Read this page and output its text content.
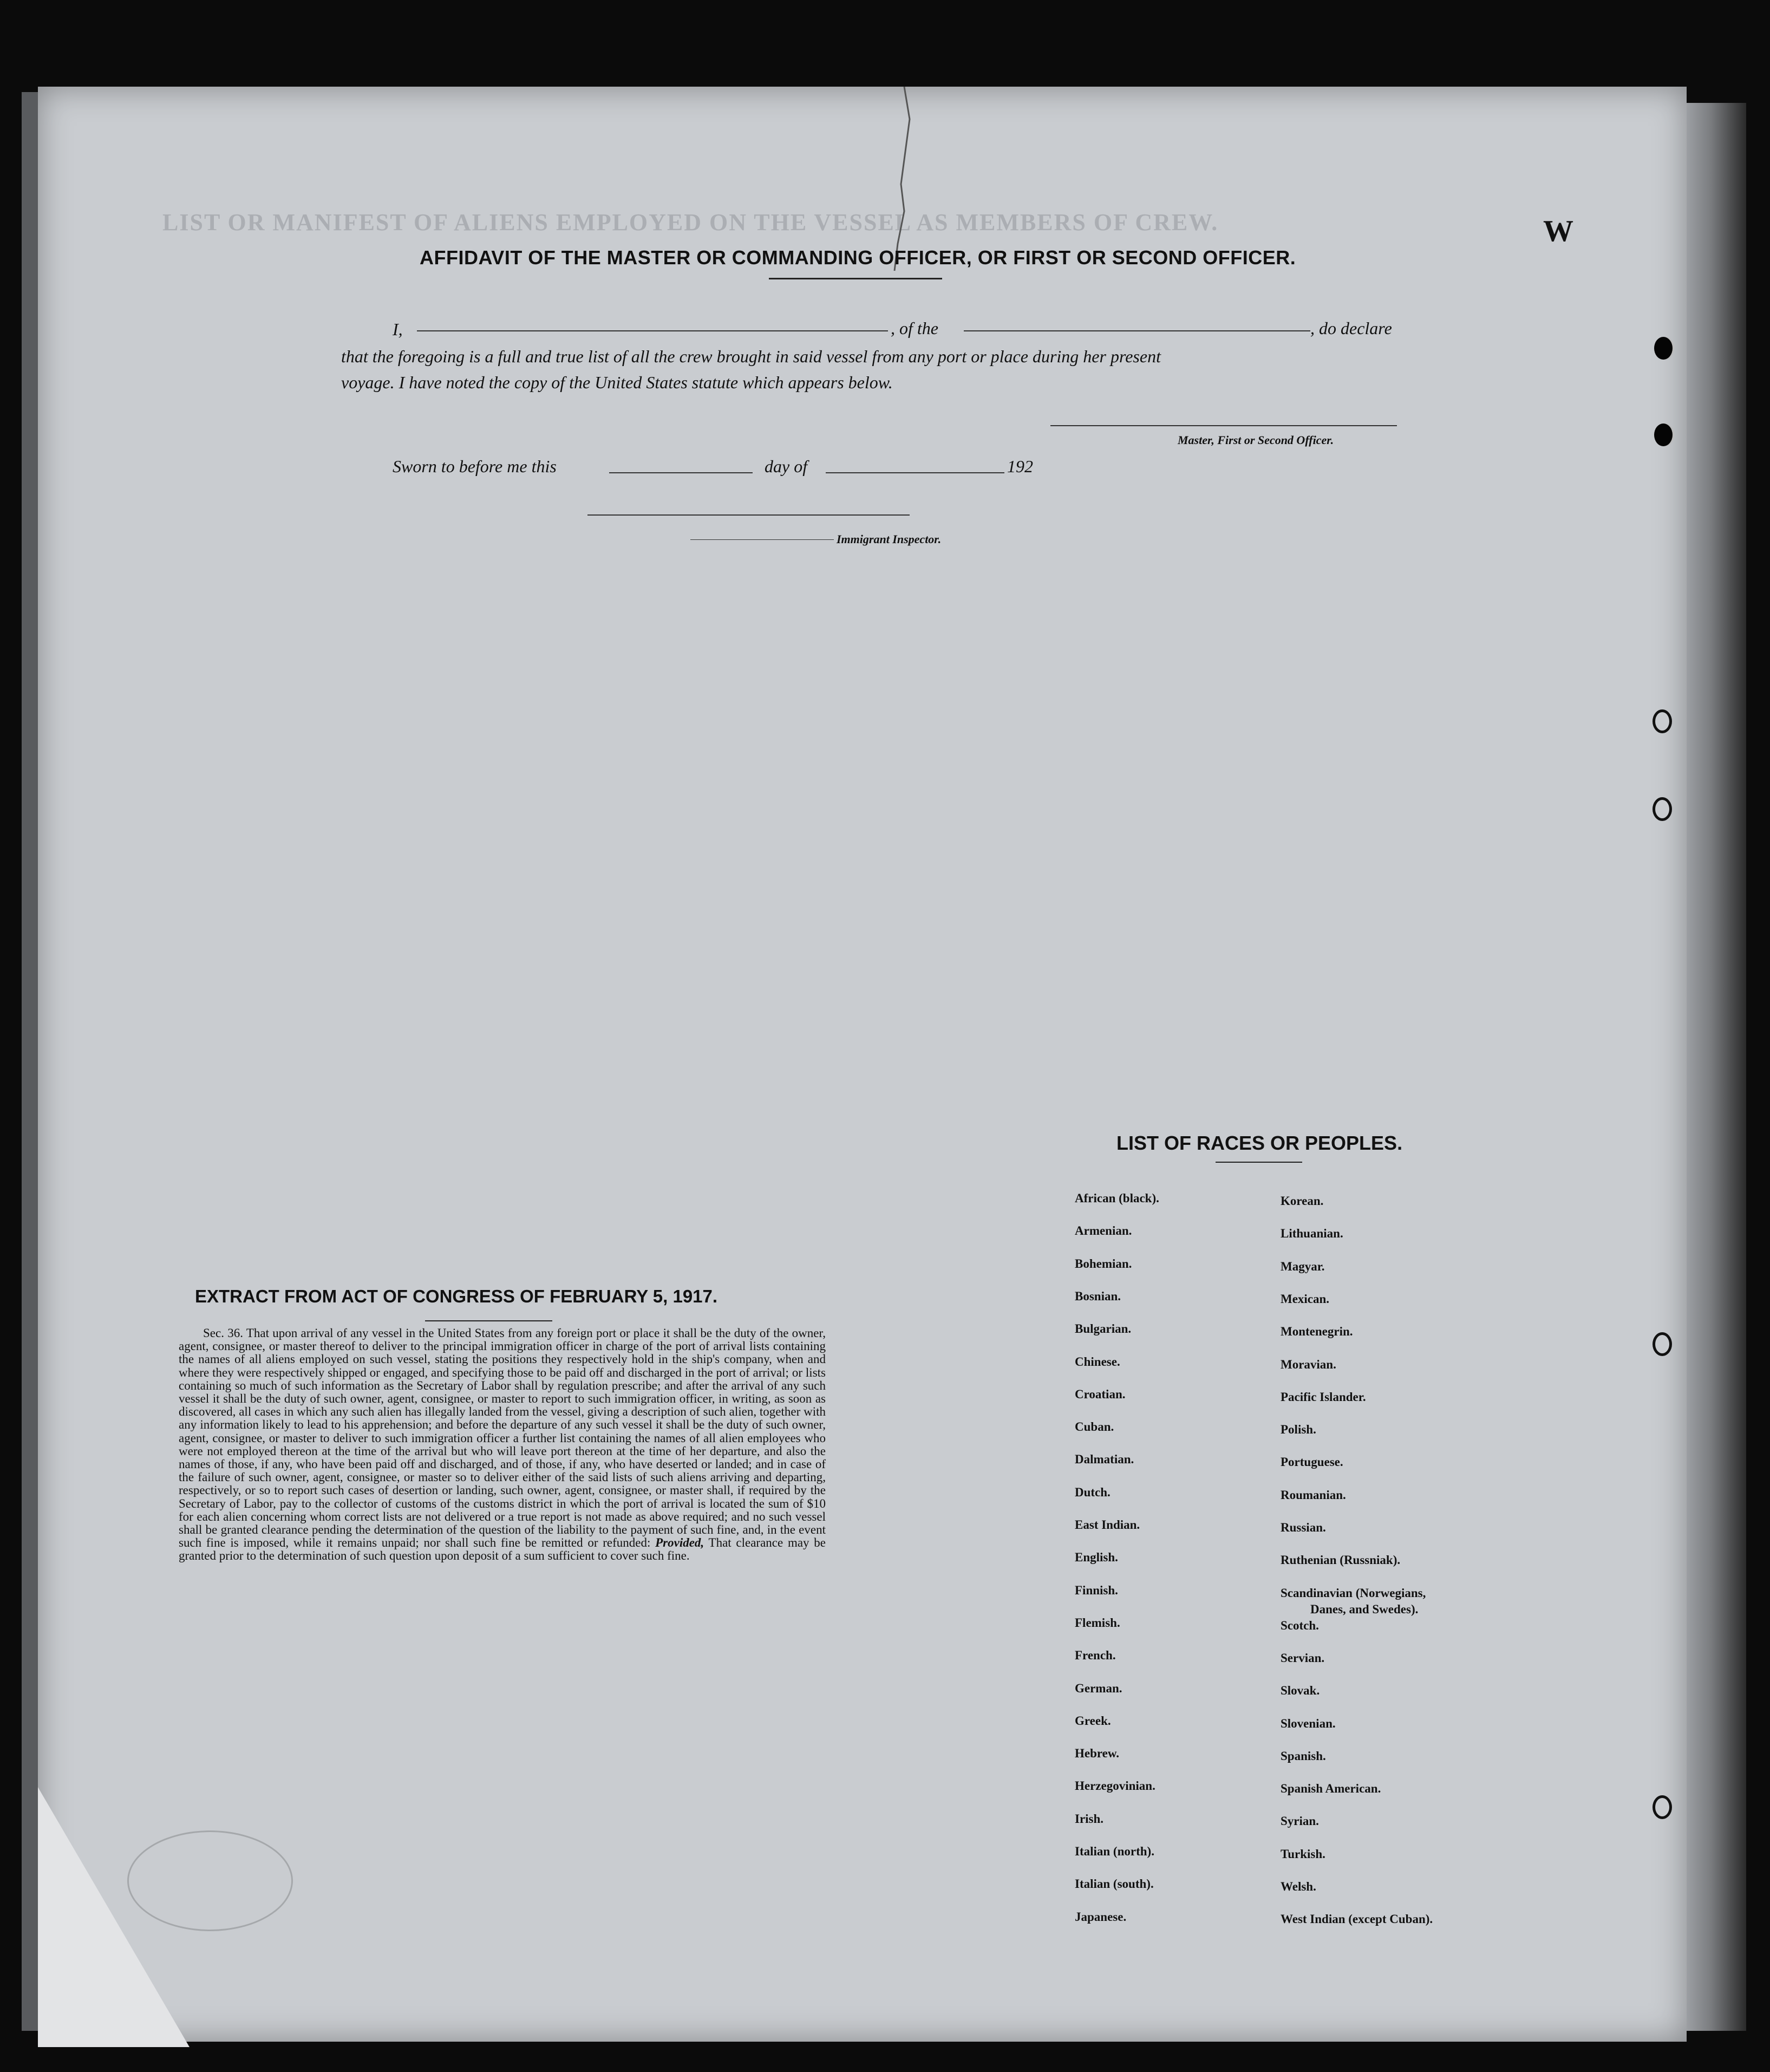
LIST OR MANIFEST OF ALIENS EMPLOYED ON THE VESSEL AS MEMBERS OF CREW.	W
AFFIDAVIT OF THE MASTER OR COMMANDING OFFICER, OR FIRST OR SECOND OFFICER.
I,	, of the	, do declare
that the foregoing is a full and true list of all the crew brought in said vessel from any port or place during her present
voyage. I have noted the copy of the United States statute which appears below.
Master, First or Second Officer.
Sworn to before me this	day of	192
Immigrant Inspector.
EXTRACT FROM ACT OF CONGRESS OF FEBRUARY 5, 1917.
Sec. 36. That upon arrival of any vessel in the United States from any foreign port or place it shall be the duty of the owner, agent, consignee, or master thereof to deliver to the principal immigration officer in charge of the port of arrival lists containing the names of all aliens employed on such vessel, stating the positions they respectively hold in the ship's company, when and where they were respectively shipped or engaged, and specifying those to be paid off and discharged in the port of arrival; or lists containing so much of such information as the Secretary of Labor shall by regulation prescribe; and after the arrival of any such vessel it shall be the duty of such owner, agent, consignee, or master to report to such immigration officer, in writing, as soon as discovered, all cases in which any such alien has illegally landed from the vessel, giving a description of such alien, together with any information likely to lead to his apprehension; and before the departure of any such vessel it shall be the duty of such owner, agent, consignee, or master to deliver to such immigration officer a further list containing the names of all alien employees who were not employed thereon at the time of the arrival but who will leave port thereon at the time of her departure, and also the names of those, if any, who have been paid off and discharged, and of those, if any, who have deserted or landed; and in case of the failure of such owner, agent, consignee, or master so to deliver either of the said lists of such aliens arriving and departing, respectively, or so to report such cases of desertion or landing, such owner, agent, consignee, or master shall, if required by the Secretary of Labor, pay to the collector of customs of the customs district in which the port of arrival is located the sum of $10 for each alien concerning whom correct lists are not delivered or a true report is not made as above required; and no such vessel shall be granted clearance pending the determination of the question of the liability to the payment of such fine, and, in the event such fine is imposed, while it remains unpaid; nor shall such fine be remitted or refunded: Provided, That clearance may be granted prior to the determination of such question upon deposit of a sum sufficient to cover such fine.
LIST OF RACES OR PEOPLES.
African (black).
Armenian.
Bohemian.
Bosnian.
Bulgarian.
Chinese.
Croatian.
Cuban.
Dalmatian.
Dutch.
East Indian.
English.
Finnish.
Flemish.
French.
German.
Greek.
Hebrew.
Herzegovinian.
Irish.
Italian (north).
Italian (south).
Japanese.
Korean.
Lithuanian.
Magyar.
Mexican.
Montenegrin.
Moravian.
Pacific Islander.
Polish.
Portuguese.
Roumanian.
Russian.
Ruthenian (Russniak).
Scandinavian (Norwegians,
Danes, and Swedes).
Scotch.
Servian.
Slovak.
Slovenian.
Spanish.
Spanish American.
Syrian.
Turkish.
Welsh.
West Indian (except Cuban).
